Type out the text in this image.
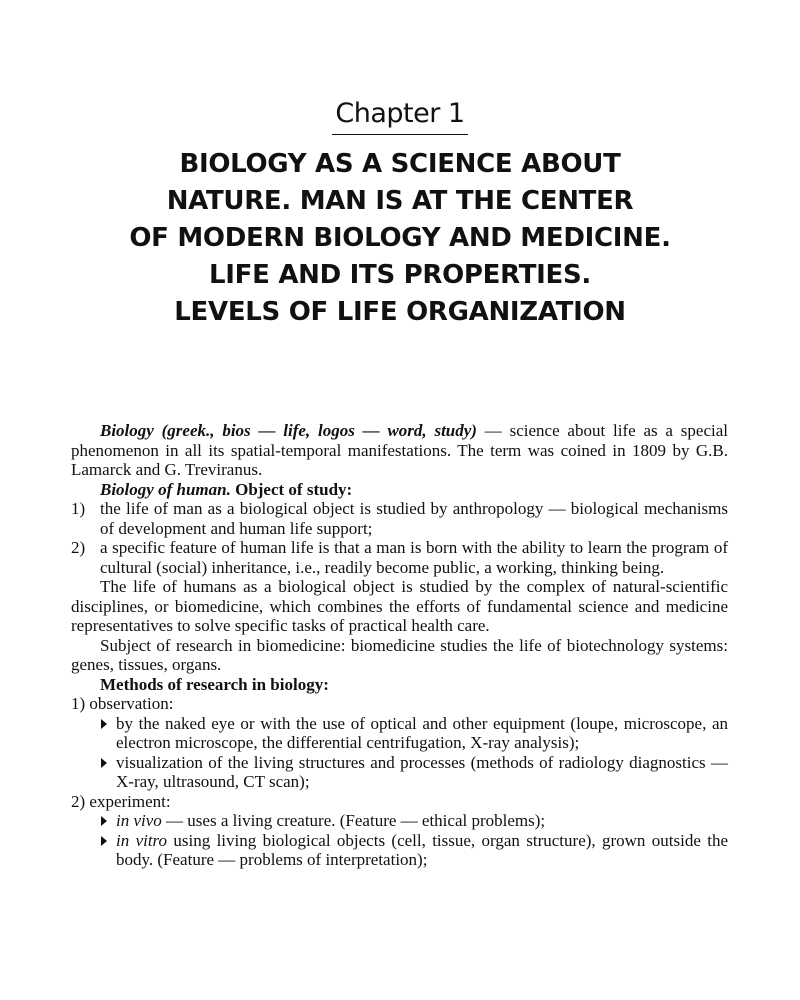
Chapter 1
BIOLOGY AS A SCIENCE ABOUT
NATURE. MAN IS AT THE CENTER
OF MODERN BIOLOGY AND MEDICINE.
LIFE AND ITS PROPERTIES.
LEVELS OF LIFE ORGANIZATION

Biology (greek., bios — life, logos — word, study) — science about life as a special phenomenon in all its spatial-temporal manifestations. The term was coined in 1809 by G.B. Lamarck and G. Treviranus.

Biology of human. Object of study:

1) the life of man as a biological object is studied by anthropology — biological mechanisms of development and human life support;

2) a specific feature of human life is that a man is born with the ability to learn the program of cultural (social) inheritance, i.e., readily become public, a working, thinking being.

The life of humans as a biological object is studied by the complex of natural-scientific disciplines, or biomedicine, which combines the efforts of fundamental science and medicine representatives to solve specific tasks of practical health care.

Subject of research in biomedicine: biomedicine studies the life of biotechnology systems: genes, tissues, organs.

Methods of research in biology:

1) observation:

by the naked eye or with the use of optical and other equipment (loupe, microscope, an electron microscope, the differential centrifugation, X-ray analysis);

visualization of the living structures and processes (methods of radiology diagnostics — X-ray, ultrasound, CT scan);

2) experiment:

in vivo — uses a living creature. (Feature — ethical problems);

in vitro using living biological objects (cell, tissue, organ structure), grown outside the body. (Feature — problems of interpretation);
